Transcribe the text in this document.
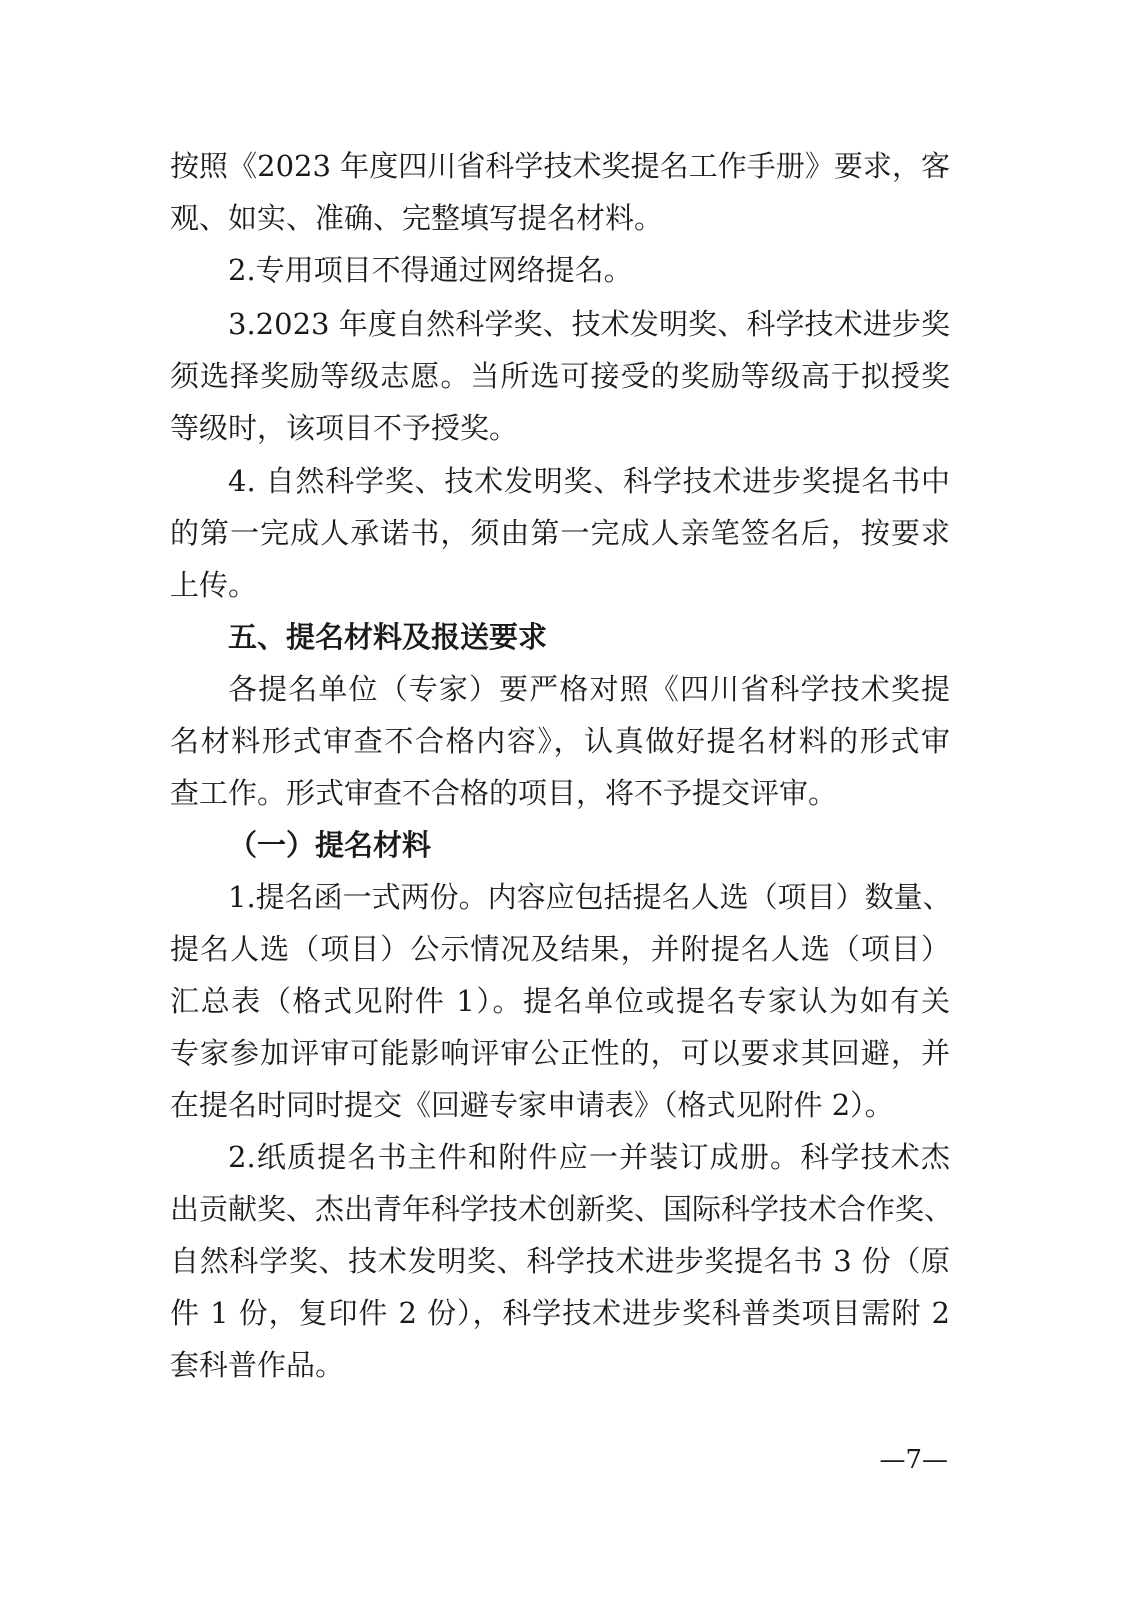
按照《2023 年度四川省科学技术奖提名工作手册》要求，客
观、如实、准确、完整填写提名材料。
2.专用项目不得通过网络提名。
3.2023 年度自然科学奖、技术发明奖、科学技术进步奖
须选择奖励等级志愿。当所选可接受的奖励等级高于拟授奖
等级时，该项目不予授奖。
4. 自然科学奖、技术发明奖、科学技术进步奖提名书中
的第一完成人承诺书，须由第一完成人亲笔签名后，按要求
上传。
五、提名材料及报送要求
各提名单位（专家）要严格对照《四川省科学技术奖提
名材料形式审查不合格内容》，认真做好提名材料的形式审
查工作。形式审查不合格的项目，将不予提交评审。
（一）提名材料
1.提名函一式两份。内容应包括提名人选（项目）数量、
提名人选（项目）公示情况及结果，并附提名人选（项目）
汇总表（格式见附件 1）。提名单位或提名专家认为如有关
专家参加评审可能影响评审公正性的，可以要求其回避，并
在提名时同时提交《回避专家申请表》（格式见附件 2）。
2.纸质提名书主件和附件应一并装订成册。科学技术杰
出贡献奖、杰出青年科学技术创新奖、国际科学技术合作奖、
自然科学奖、技术发明奖、科学技术进步奖提名书 3 份（原
件 1 份，复印件 2 份），科学技术进步奖科普类项目需附 2
套科普作品。
—7—
